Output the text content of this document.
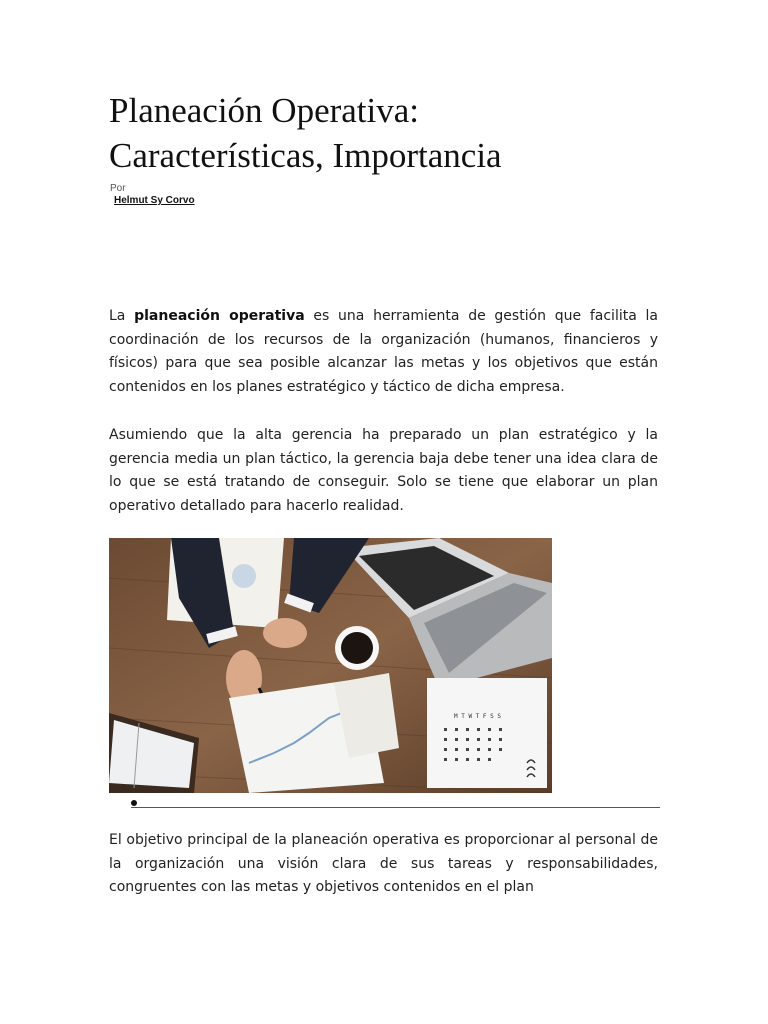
Planeación Operativa:
Características, Importancia
Por
Helmut Sy Corvo

La planeación operativa es una herramienta de gestión que facilita la coordinación de los recursos de la organización (humanos, financieros y físicos) para que sea posible alcanzar las metas y los objetivos que están contenidos en los planes estratégico y táctico de dicha empresa.

Asumiendo que la alta gerencia ha preparado un plan estratégico y la gerencia media un plan táctico, la gerencia baja debe tener una idea clara de lo que se está tratando de conseguir. Solo se tiene que elaborar un plan operativo detallado para hacerlo realidad.

M T W T F S S

El objetivo principal de la planeación operativa es proporcionar al personal de la organización una visión clara de sus tareas y responsabilidades, congruentes con las metas y objetivos contenidos en el plan
